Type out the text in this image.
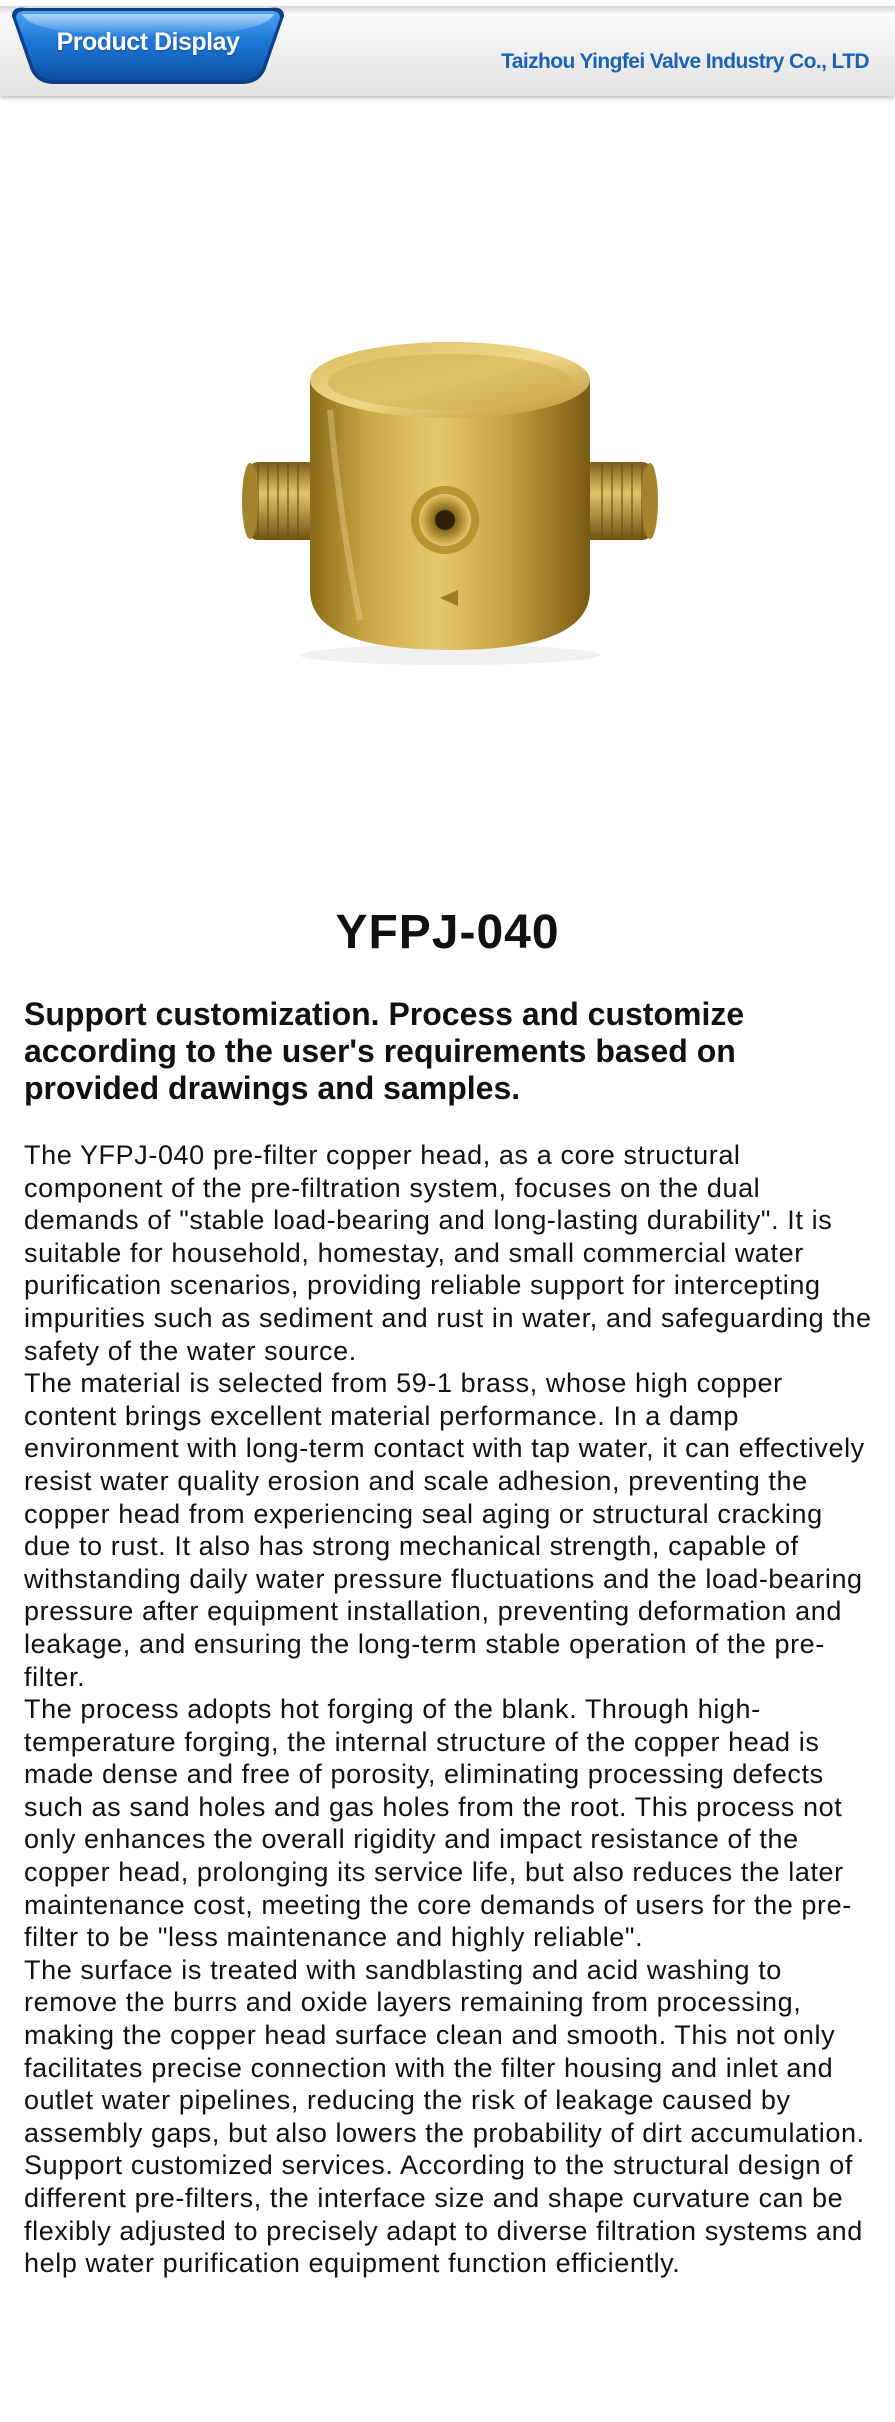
Product Display
Taizhou Yingfei Valve Industry Co., LTD
YFPJ-040
Support customization. Process and customize according to the user's requirements based on provided drawings and samples.

The YFPJ-040 pre-filter copper head, as a core structural component of the pre-filtration system, focuses on the dual demands of "stable load-bearing and long-lasting durability". It is suitable for household, homestay, and small commercial water purification scenarios, providing reliable support for intercepting impurities such as sediment and rust in water, and safeguarding the safety of the water source.

The material is selected from 59-1 brass, whose high copper content brings excellent material performance. In a damp environment with long-term contact with tap water, it can effectively resist water quality erosion and scale adhesion, preventing the copper head from experiencing seal aging or structural cracking due to rust. It also has strong mechanical strength, capable of withstanding daily water pressure fluctuations and the load-bearing pressure after equipment installation, preventing deformation and leakage, and ensuring the long-term stable operation of the pre-filter.

The process adopts hot forging of the blank. Through high-temperature forging, the internal structure of the copper head is made dense and free of porosity, eliminating processing defects such as sand holes and gas holes from the root. This process not only enhances the overall rigidity and impact resistance of the copper head, prolonging its service life, but also reduces the later maintenance cost, meeting the core demands of users for the pre-filter to be "less maintenance and highly reliable".

The surface is treated with sandblasting and acid washing to remove the burrs and oxide layers remaining from processing, making the copper head surface clean and smooth. This not only facilitates precise connection with the filter housing and inlet and outlet water pipelines, reducing the risk of leakage caused by assembly gaps, but also lowers the probability of dirt accumulation. Support customized services. According to the structural design of different pre-filters, the interface size and shape curvature can be flexibly adjusted to precisely adapt to diverse filtration systems and help water purification equipment function efficiently.
